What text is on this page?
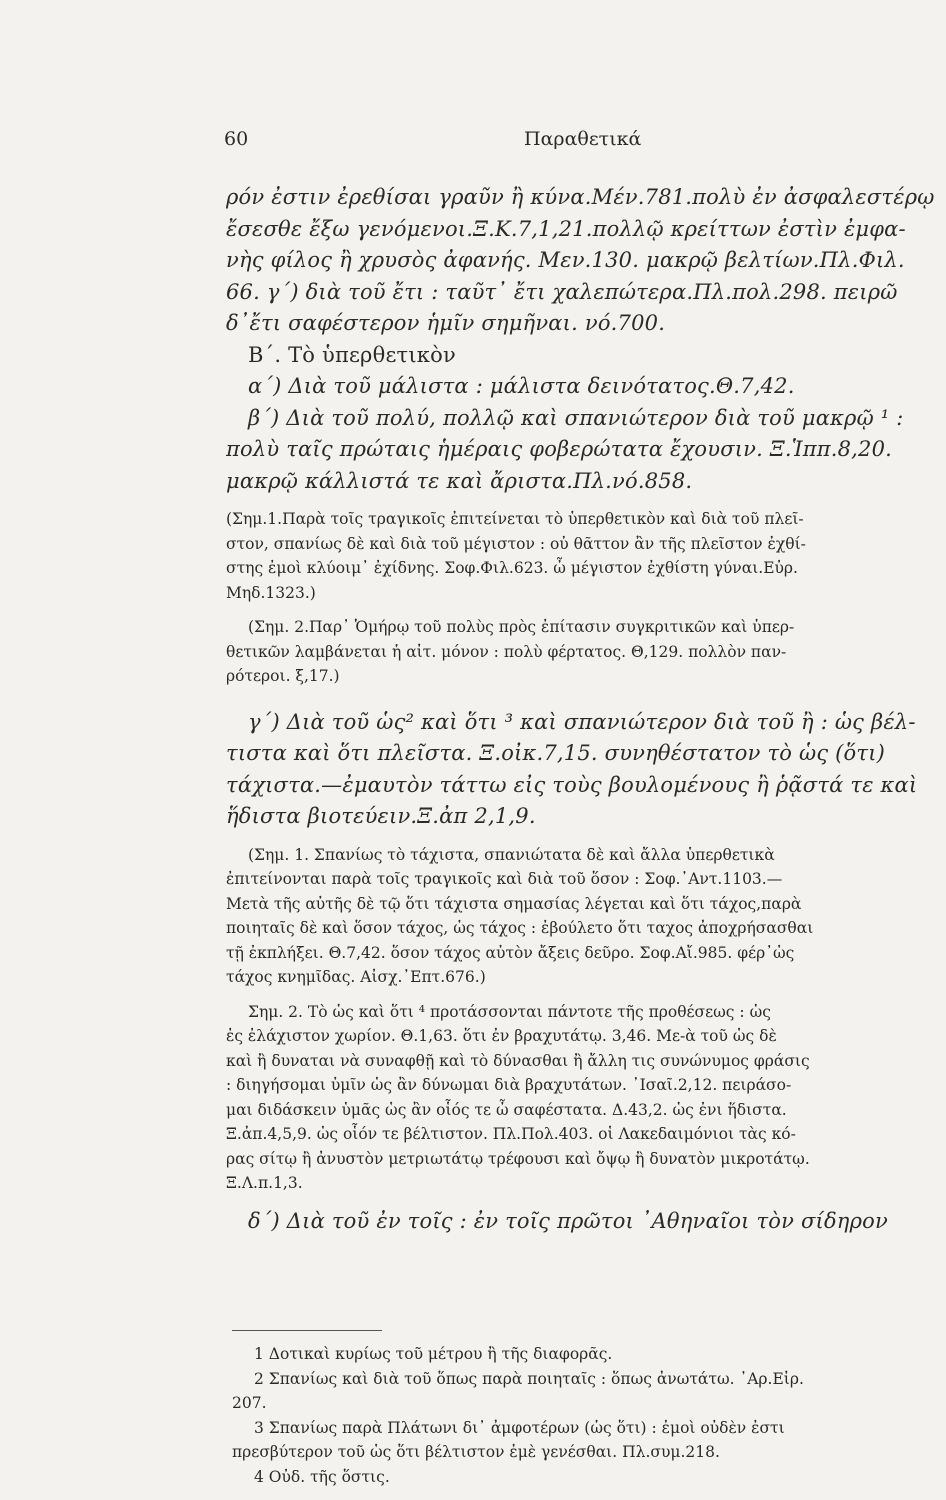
60	Παραθετικά
ρόν ἐστιν ἐρεθίσαι γραῦν ἢ κύνα.Μέν.781.πολὺ ἐν ἀσφαλεστέρῳ
ἔσεσθε ἔξω γενόμενοι.Ξ.Κ.7,1,21.πολλῷ κρείττων ἐστὶν ἐμφα-
νὴς φίλος ἢ χρυσὸς ἀφανής. Μεν.130. μακρῷ βελτίων.Πλ.Φιλ.
66. γ΄) διὰ τοῦ ἔτι : ταῦτ᾽ ἔτι χαλεπώτερα.Πλ.πολ.298. πειρῶ
δ᾽ἔτι σαφέστερον ἡμῖν σημῆναι. νό.700.
Β΄. Τὸ ὑπερθετικὸν
α΄) Διὰ τοῦ μάλιστα : μάλιστα δεινότατος.Θ.7,42.
β΄) Διὰ τοῦ πολύ, πολλῷ καὶ σπανιώτερον διὰ τοῦ μακρῷ ¹ :
πολὺ ταῖς πρώταις ἡμέραις φοβερώτατα ἔχουσιν. Ξ.Ἱππ.8,20.
μακρῷ κάλλιστά τε καὶ ἄριστα.Πλ.νό.858.
(Σημ.1.Παρὰ τοῖς τραγικοῖς ἐπιτείνεται τὸ ὑπερθετικὸν καὶ διὰ τοῦ πλεῖ-
στον, σπανίως δὲ καὶ διὰ τοῦ μέγιστον : οὐ θᾶττον ἂν τῆς πλεῖστον ἐχθί-
στης ἐμοὶ κλύοιμ᾽ ἐχίδνης. Σοφ.Φιλ.623. ὦ μέγιστον ἐχθίστη γύναι.Εὐρ.
Μηδ.1323.)
(Σημ. 2.Παρ᾽ Ὁμήρῳ τοῦ πολὺς πρὸς ἐπίτασιν συγκριτικῶν καὶ ὑπερ-
θετικῶν λαμβάνεται ἡ αἰτ. μόνον : πολὺ φέρτατος. Θ,129. πολλὸν παν-
ρότεροι. ξ,17.)
γ΄) Διὰ τοῦ ὡς² καὶ ὅτι ³ καὶ σπανιώτερον διὰ τοῦ ἢ : ὡς βέλ-
τιστα καὶ ὅτι πλεῖστα. Ξ.οἰκ.7,15. συνηθέστατον τὸ ὡς (ὅτι)
τάχιστα.—ἐμαυτὸν τάττω εἰς τοὺς βουλομένους ἢ ῥᾷστά τε καὶ
ἥδιστα βιοτεύειν.Ξ.ἀπ 2,1,9.
(Σημ. 1. Σπανίως τὸ τάχιστα, σπανιώτατα δὲ καὶ ἄλλα ὑπερθετικὰ
ἐπιτείνονται παρὰ τοῖς τραγικοῖς καὶ διὰ τοῦ ὅσον : Σοφ.᾽Αντ.1103.—
Μετὰ τῆς αὐτῆς δὲ τῷ ὅτι τάχιστα σημασίας λέγεται καὶ ὅτι τάχος,παρὰ
ποιηταῖς δὲ καὶ ὅσον τάχος, ὡς τάχος : ἐβούλετο ὅτι ταχος ἀποχρήσασθαι
τῇ ἐκπλήξει. Θ.7,42. ὅσον τάχος αὐτὸν ἄξεις δεῦρο. Σοφ.Αἴ.985. φέρ᾽ὡς
τάχος κνημῖδας. Αἰσχ.᾽Επτ.676.)
Σημ. 2. Τὸ ὡς καὶ ὅτι ⁴ προτάσσονται πάντοτε τῆς προθέσεως : ὡς
ἐς ἐλάχιστον χωρίον. Θ.1,63. ὅτι ἐν βραχυτάτῳ. 3,46. Με-ὰ τοῦ ὡς δὲ
καὶ ἢ δυναται νὰ συναφθῇ καὶ τὸ δύνασθαι ἢ ἄλλη τις συνώνυμος φράσις
: διηγήσομαι ὑμῖν ὡς ἂν δύνωμαι διὰ βραχυτάτων. ᾽Ισαῖ.2,12. πειράσο-
μαι διδάσκειν ὑμᾶς ὡς ἂν οἷός τε ὦ σαφέστατα. Δ.43,2. ὡς ἐνι ἥδιστα.
Ξ.ἀπ.4,5,9. ὡς οἷόν τε βέλτιστον. Πλ.Πολ.403. οἱ Λακεδαιμόνιοι τὰς κό-
ρας σίτῳ ἢ ἀνυστὸν μετριωτάτῳ τρέφουσι καὶ ὄψῳ ἢ δυνατὸν μικροτάτῳ.
Ξ.Λ.π.1,3.
δ΄) Διὰ τοῦ ἐν τοῖς : ἐν τοῖς πρῶτοι ᾽Αθηναῖοι τὸν σίδηρον
1 Δοτικαὶ κυρίως τοῦ μέτρου ἢ τῆς διαφορᾶς.
2 Σπανίως καὶ διὰ τοῦ ὅπως παρὰ ποιηταῖς : ὅπως ἀνωτάτω. ᾽Αρ.Εἰρ.
207.
3 Σπανίως παρὰ Πλάτωνι δι᾽ ἀμφοτέρων (ὡς ὅτι) : ἐμοὶ οὐδὲν ἐστι
πρεσβύτερον τοῦ ὡς ὅτι βέλτιστον ἐμὲ γενέσθαι. Πλ.συμ.218.
4 Οὐδ. τῆς ὅστις.
